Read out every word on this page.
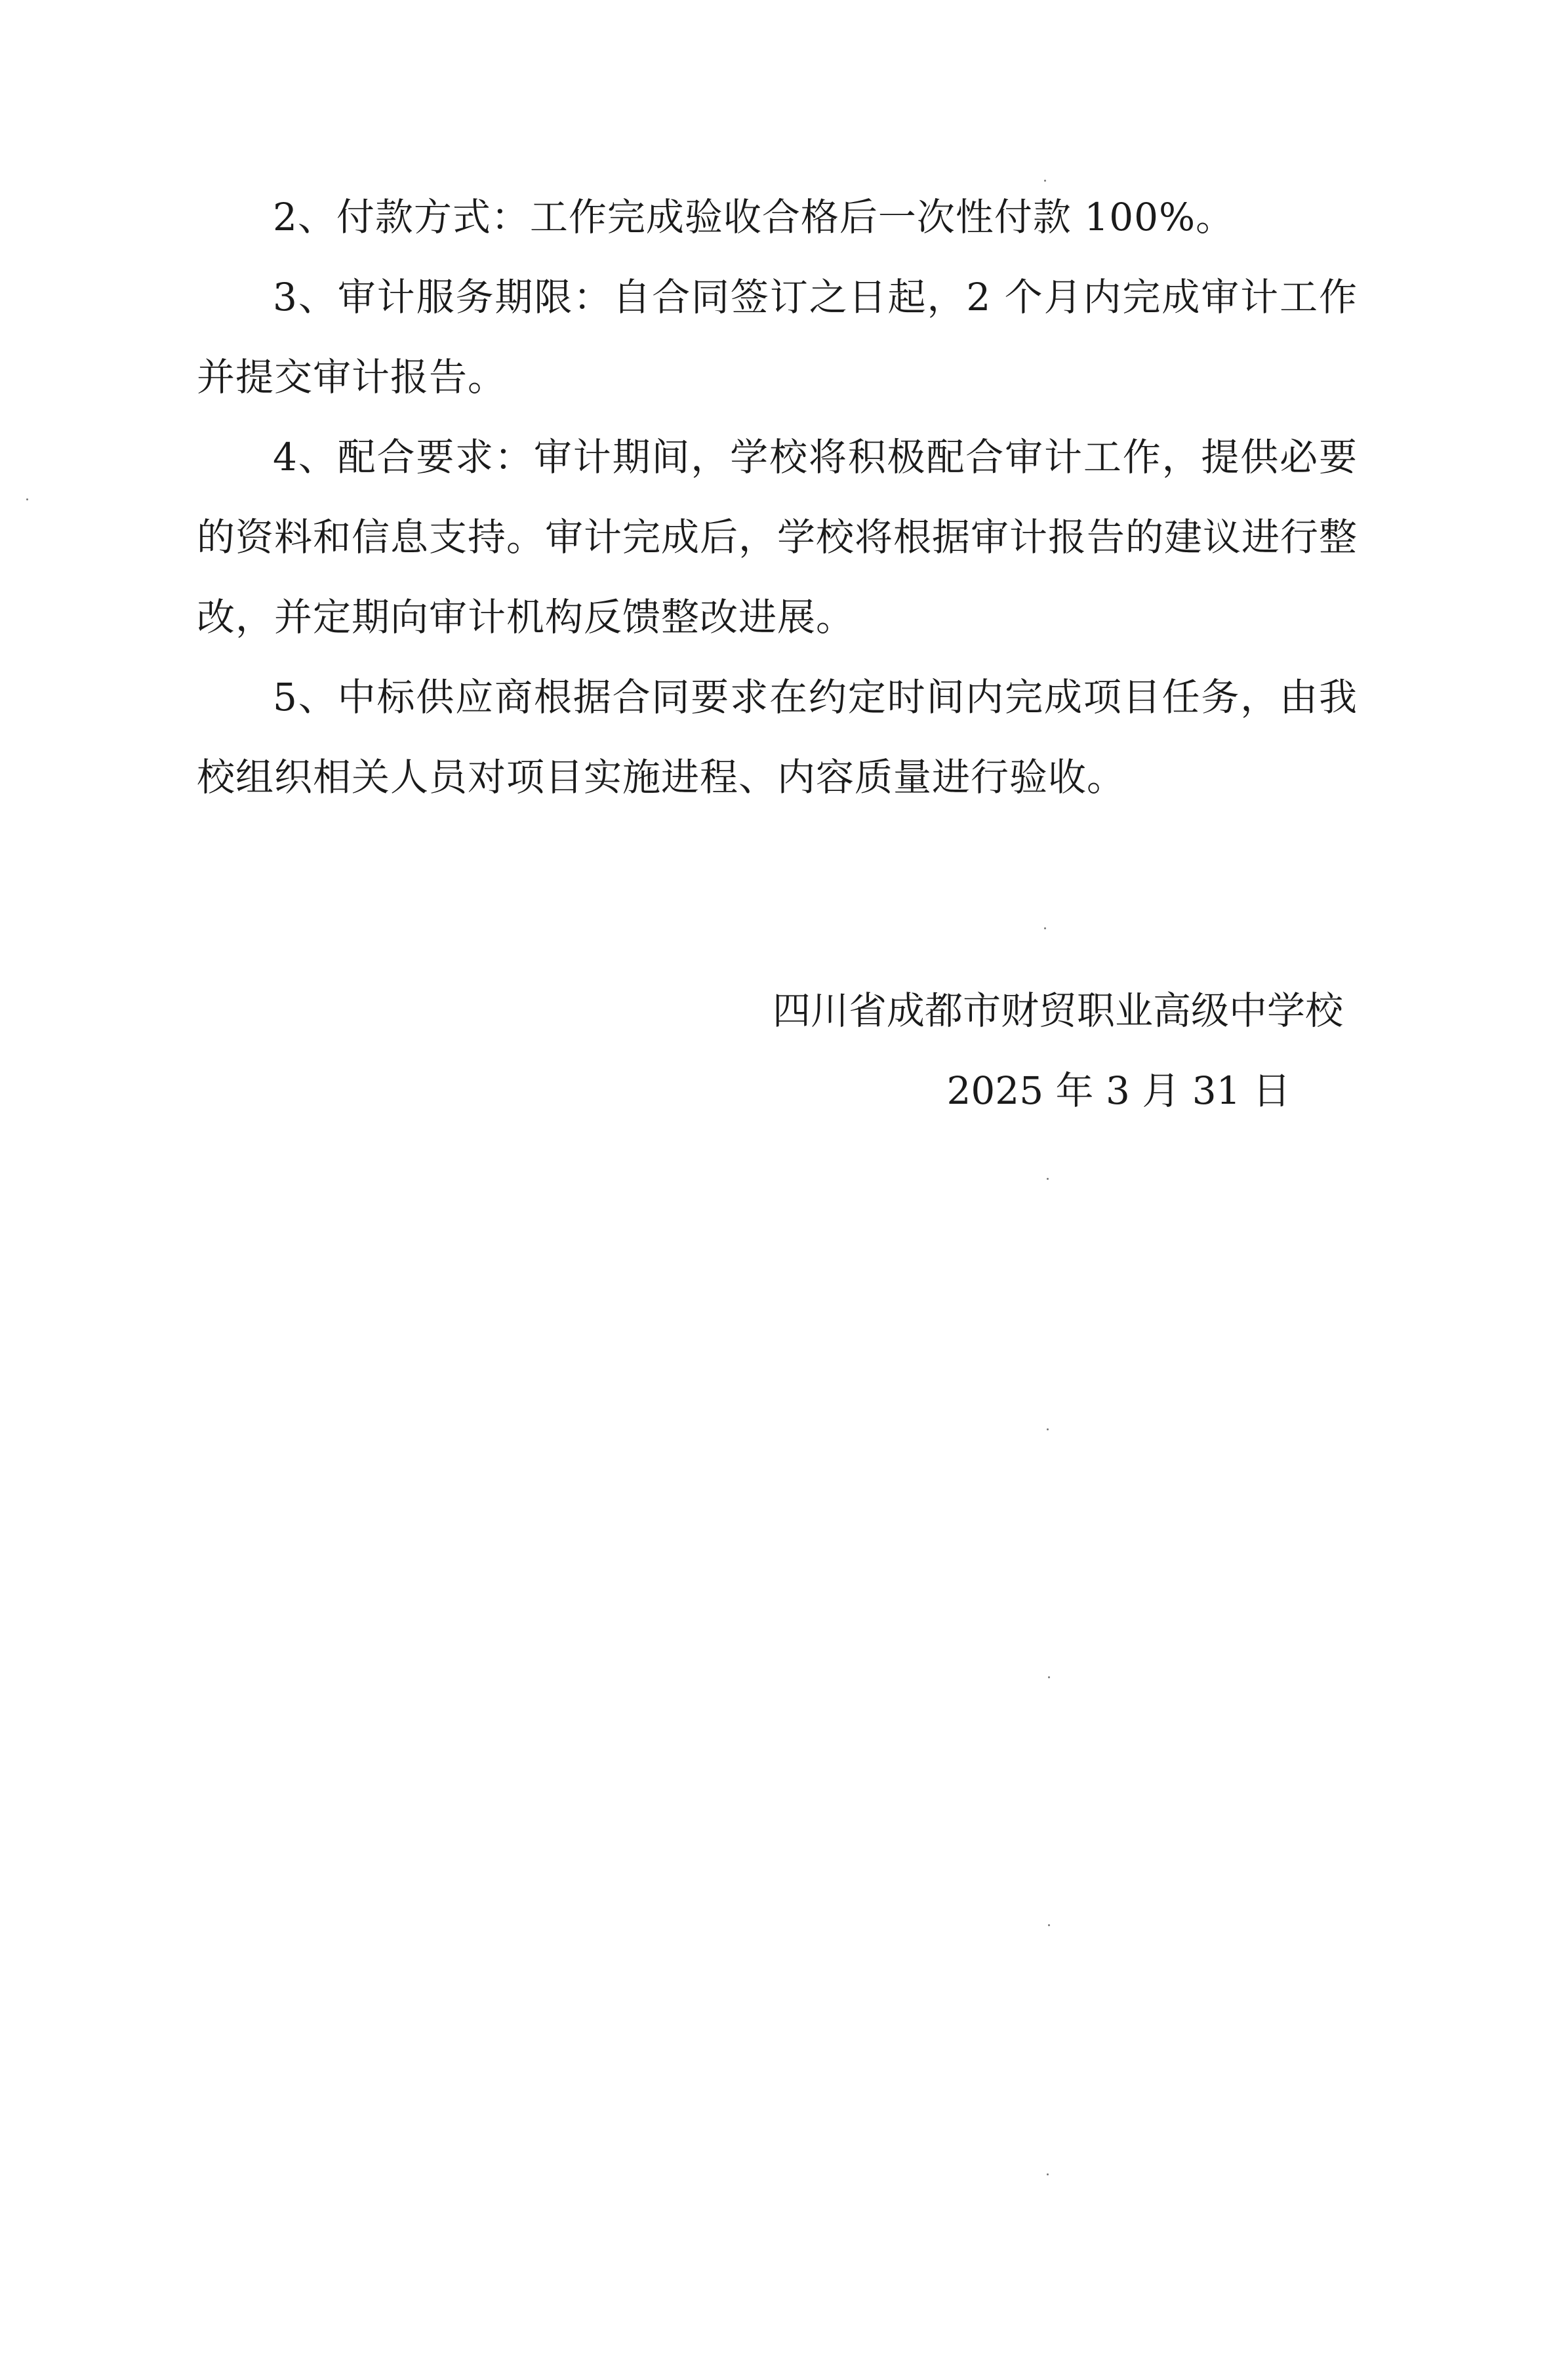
2、付款方式：工作完成验收合格后一次性付款 100%。

3、审计服务期限：自合同签订之日起，2 个月内完成审计工作并提交审计报告。

4、配合要求：审计期间，学校将积极配合审计工作，提供必要的资料和信息支持。审计完成后，学校将根据审计报告的建议进行整改，并定期向审计机构反馈整改进展。

5、中标供应商根据合同要求在约定时间内完成项目任务，由我校组织相关人员对项目实施进程、内容质量进行验收。

四川省成都市财贸职业高级中学校
2025 年 3 月 31 日
